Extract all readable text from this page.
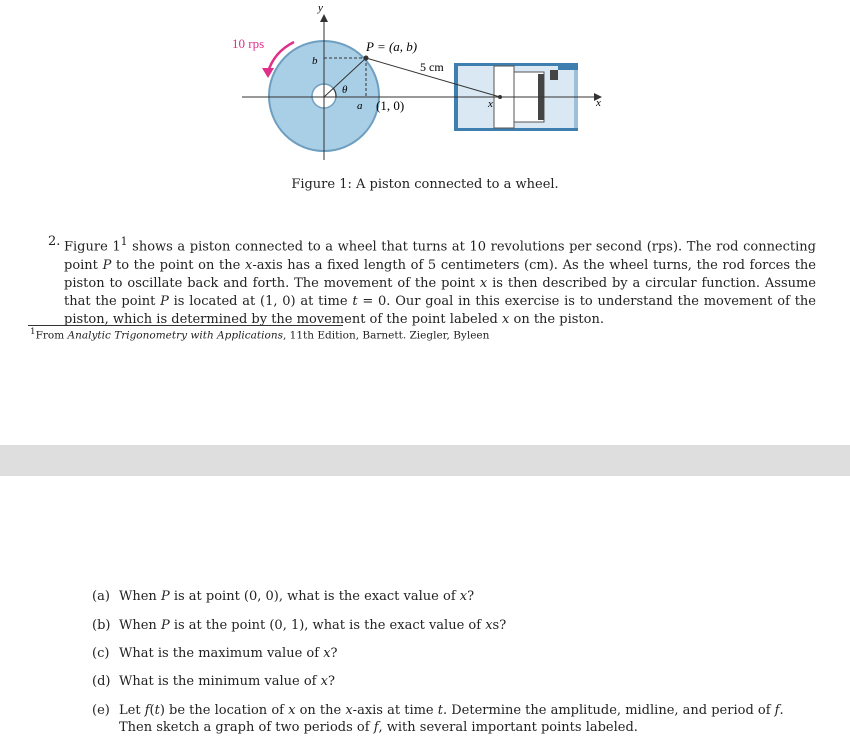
10 rps
y
b
a
θ
P = (a, b)
5 cm
(1, 0)	x	x
Figure 1: A piston connected to a wheel.
2. Figure $1^1$ shows a piston connected to a wheel that turns at 10 revolutions per second (rps). The rod connecting point P to the point on the x-axis has a fixed length of 5 centimeters (cm). As the wheel turns, the rod forces the piston to oscillate back and forth. The movement of the point x is then described by a circular function. Assume that the point P is located at (1, 0) at time t = 0. Our goal in this exercise is to understand the movement of the piston, which is determined by the movement of the point labeled x on the piston.
$^1$From Analytic Trigonometry with Applications, 11th Edition, Barnett. Ziegler, Byleen
(a) When P is at point (0, 0), what is the exact value of x?
(b) When P is at the point (0, 1), what is the exact value of xs?
(c) What is the maximum value of x?
(d) What is the minimum value of x?
(e) Let f(t) be the location of x on the x-axis at time t. Determine the amplitude, midline, and period of f.
Then sketch a graph of two periods of f, with several important points labeled.
